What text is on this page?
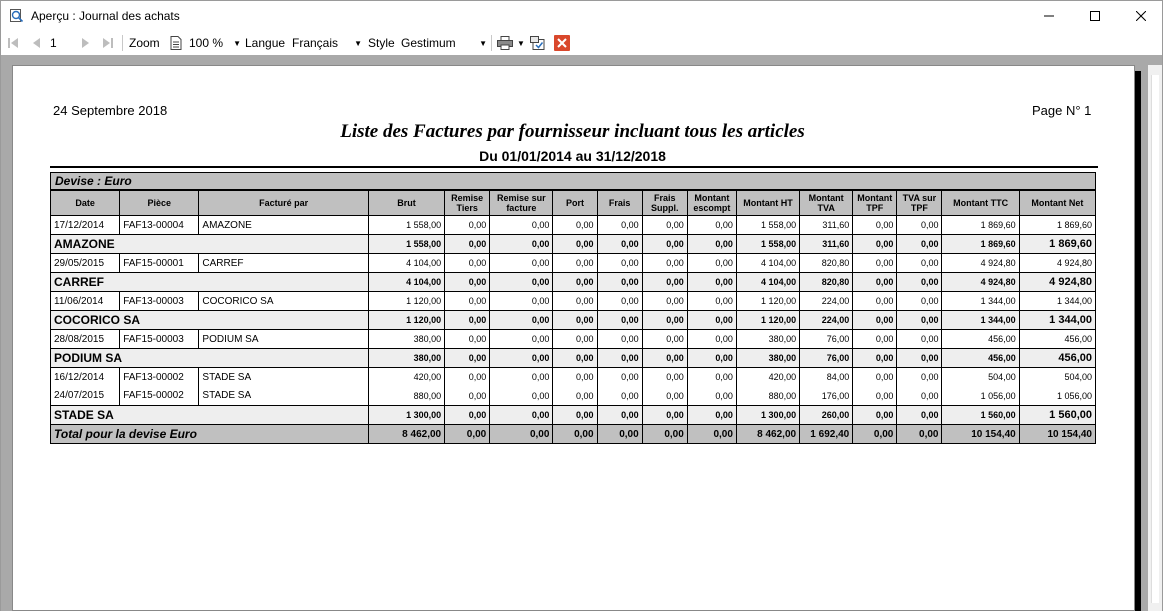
Aperçu : Journal des achats
1	Zoom 100 % ▼ Langue Français ▼ Style Gestimum	▼	▼
24 Septembre 2018	Page N° 1
Liste des Factures par fournisseur incluant tous les articles
Du 01/01/2014 au 31/12/2018
Devise : Euro
Date	Pièce	Facturé par	Brut	Remise Tiers	Remise sur facture	Port	Frais	Frais Suppl.	Montant escompt	Montant HT	Montant TVA	Montant TPF	TVA sur TPF	Montant TTC	Montant Net
17/12/2014	FAF13-00004	AMAZONE	1 558,00	0,00	0,00	0,00	0,00	0,00	0,00	1 558,00	311,60	0,00	0,00	1 869,60	1 869,60
AMAZONE			1 558,00	0,00	0,00	0,00	0,00	0,00	0,00	1 558,00	311,60	0,00	0,00	1 869,60	1 869,60
29/05/2015	FAF15-00001	CARREF	4 104,00	0,00	0,00	0,00	0,00	0,00	0,00	4 104,00	820,80	0,00	0,00	4 924,80	4 924,80
CARREF			4 104,00	0,00	0,00	0,00	0,00	0,00	0,00	4 104,00	820,80	0,00	0,00	4 924,80	4 924,80
11/06/2014	FAF13-00003	COCORICO SA	1 120,00	0,00	0,00	0,00	0,00	0,00	0,00	1 120,00	224,00	0,00	0,00	1 344,00	1 344,00
COCORICO SA			1 120,00	0,00	0,00	0,00	0,00	0,00	0,00	1 120,00	224,00	0,00	0,00	1 344,00	1 344,00
28/08/2015	FAF15-00003	PODIUM SA	380,00	0,00	0,00	0,00	0,00	0,00	0,00	380,00	76,00	0,00	0,00	456,00	456,00
PODIUM SA			380,00	0,00	0,00	0,00	0,00	0,00	0,00	380,00	76,00	0,00	0,00	456,00	456,00
16/12/2014	FAF13-00002	STADE SA	420,00	0,00	0,00	0,00	0,00	0,00	0,00	420,00	84,00	0,00	0,00	504,00	504,00
24/07/2015	FAF15-00002	STADE SA	880,00	0,00	0,00	0,00	0,00	0,00	0,00	880,00	176,00	0,00	0,00	1 056,00	1 056,00
STADE SA			1 300,00	0,00	0,00	0,00	0,00	0,00	0,00	1 300,00	260,00	0,00	0,00	1 560,00	1 560,00
Total pour la devise Euro			8 462,00	0,00	0,00	0,00	0,00	0,00	0,00	8 462,00	1 692,40	0,00	0,00	10 154,40	10 154,40
